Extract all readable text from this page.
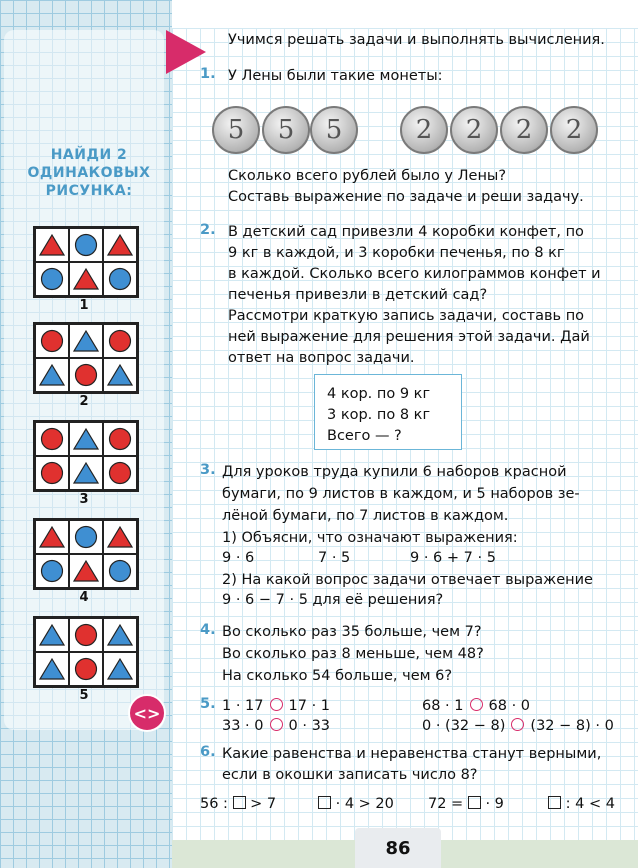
НАЙДИ 2
ОДИНАКОВЫХ
РИСУНКА:
1
2
3
4
5
<>
Учимся решать задачи и выполнять вычисления.
1. У Лены были такие монеты:
5	5	5	2	2	2	2
Сколько всего рублей было у Лены?
Составь выражение по задаче и реши задачу.
2. В детский сад привезли 4 коробки конфет, по
9 кг в каждой, и 3 коробки печенья, по 8 кг
в каждой. Сколько всего килограммов конфет и
печенья привезли в детский сад?
Рассмотри краткую запись задачи, составь по
ней выражение для решения этой задачи. Дай
ответ на вопрос задачи.
4 кор. по 9 кг
3 кор. по 8 кг
Всего — ?
3. Для уроков труда купили 6 наборов красной
бумаги, по 9 листов в каждом, и 5 наборов зе-
лёной бумаги, по 7 листов в каждом.
1) Объясни, что означают выражения:
9 · 6	7 · 5	9 · 6 + 7 · 5
2) На какой вопрос задачи отвечает выражение
9 · 6 − 7 · 5 для её решения?
4. Во сколько раз 35 больше, чем 7?
Во сколько раз 8 меньше, чем 48?
На сколько 54 больше, чем 6?
5. 1 · 17 17 · 1	68 · 1 68 · 0
33 · 0 0 · 33	0 · (32 − 8) (32 − 8) · 0
6. Какие равенства и неравенства станут верными,
если в окошки записать число 8?
56 : > 7	· 4 > 20 72 = · 9	: 4 < 4
86
